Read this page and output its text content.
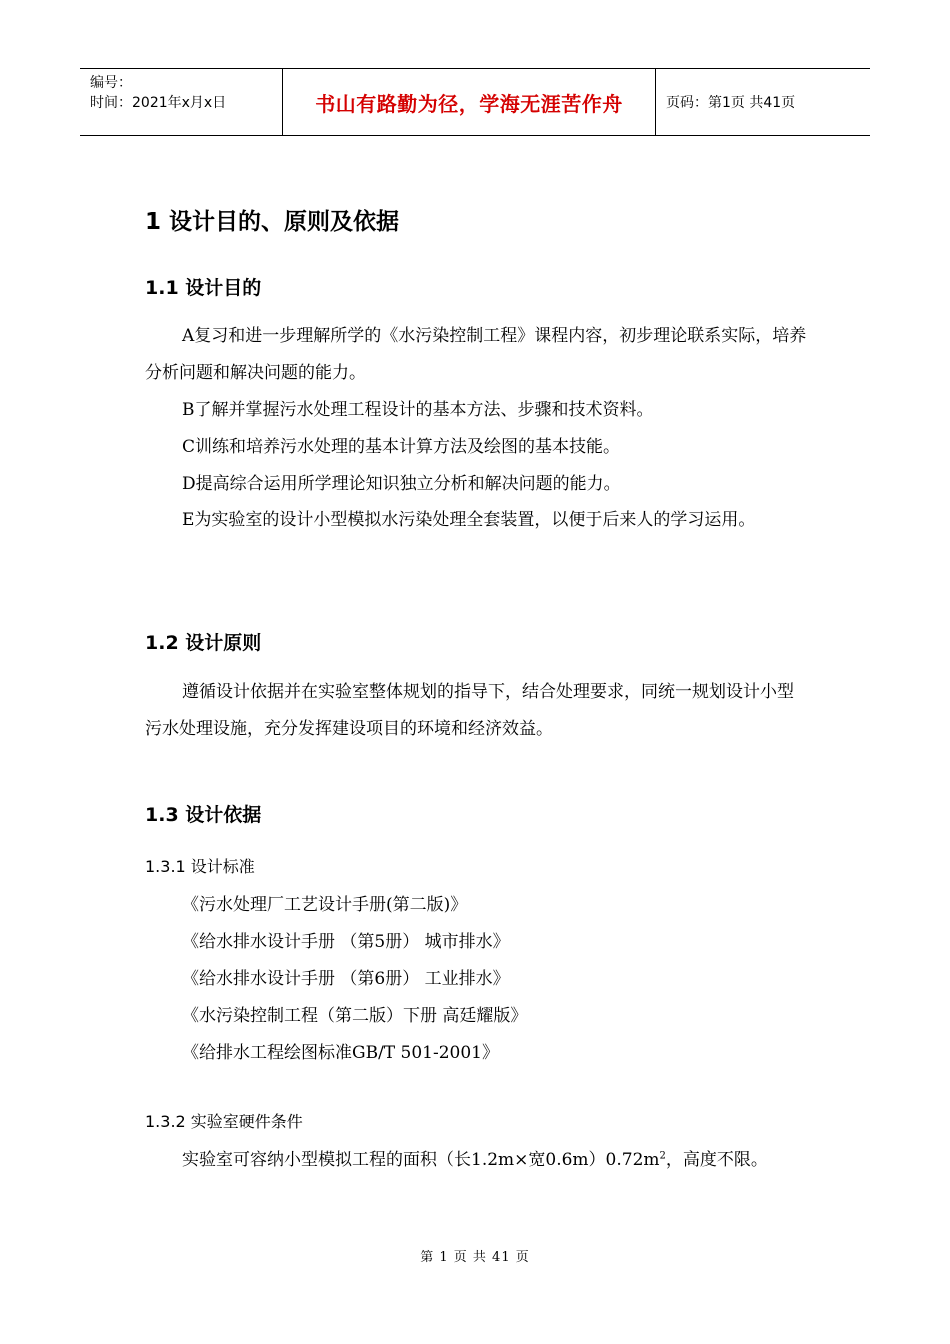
编号：
时间：2021年x月x日	书山有路勤为径，学海无涯苦作舟	页码：第1页 共41页
1 设计目的、原则及依据
1.1 设计目的

A复习和进一步理解所学的《水污染控制工程》课程内容，初步理论联系实际，培养分析问题和解决问题的能力。

B了解并掌握污水处理工程设计的基本方法、步骤和技术资料。

C训练和培养污水处理的基本计算方法及绘图的基本技能。

D提高综合运用所学理论知识独立分析和解决问题的能力。

E为实验室的设计小型模拟水污染处理全套装置，以便于后来人的学习运用。

1.2 设计原则

遵循设计依据并在实验室整体规划的指导下，结合处理要求，同统一规划设计小型污水处理设施，充分发挥建设项目的环境和经济效益。

1.3 设计依据
1.3.1 设计标准
《污水处理厂工艺设计手册(第二版)》
《给水排水设计手册 （第5册） 城市排水》
《给水排水设计手册 （第6册） 工业排水》
《水污染控制工程（第二版）下册 高廷耀版》
《给排水工程绘图标准GB/T 501-2001》
1.3.2 实验室硬件条件
实验室可容纳小型模拟工程的面积（长1.2m×宽$0.6m)0.72m^2$，高度不限。
第 1 页 共 41 页
